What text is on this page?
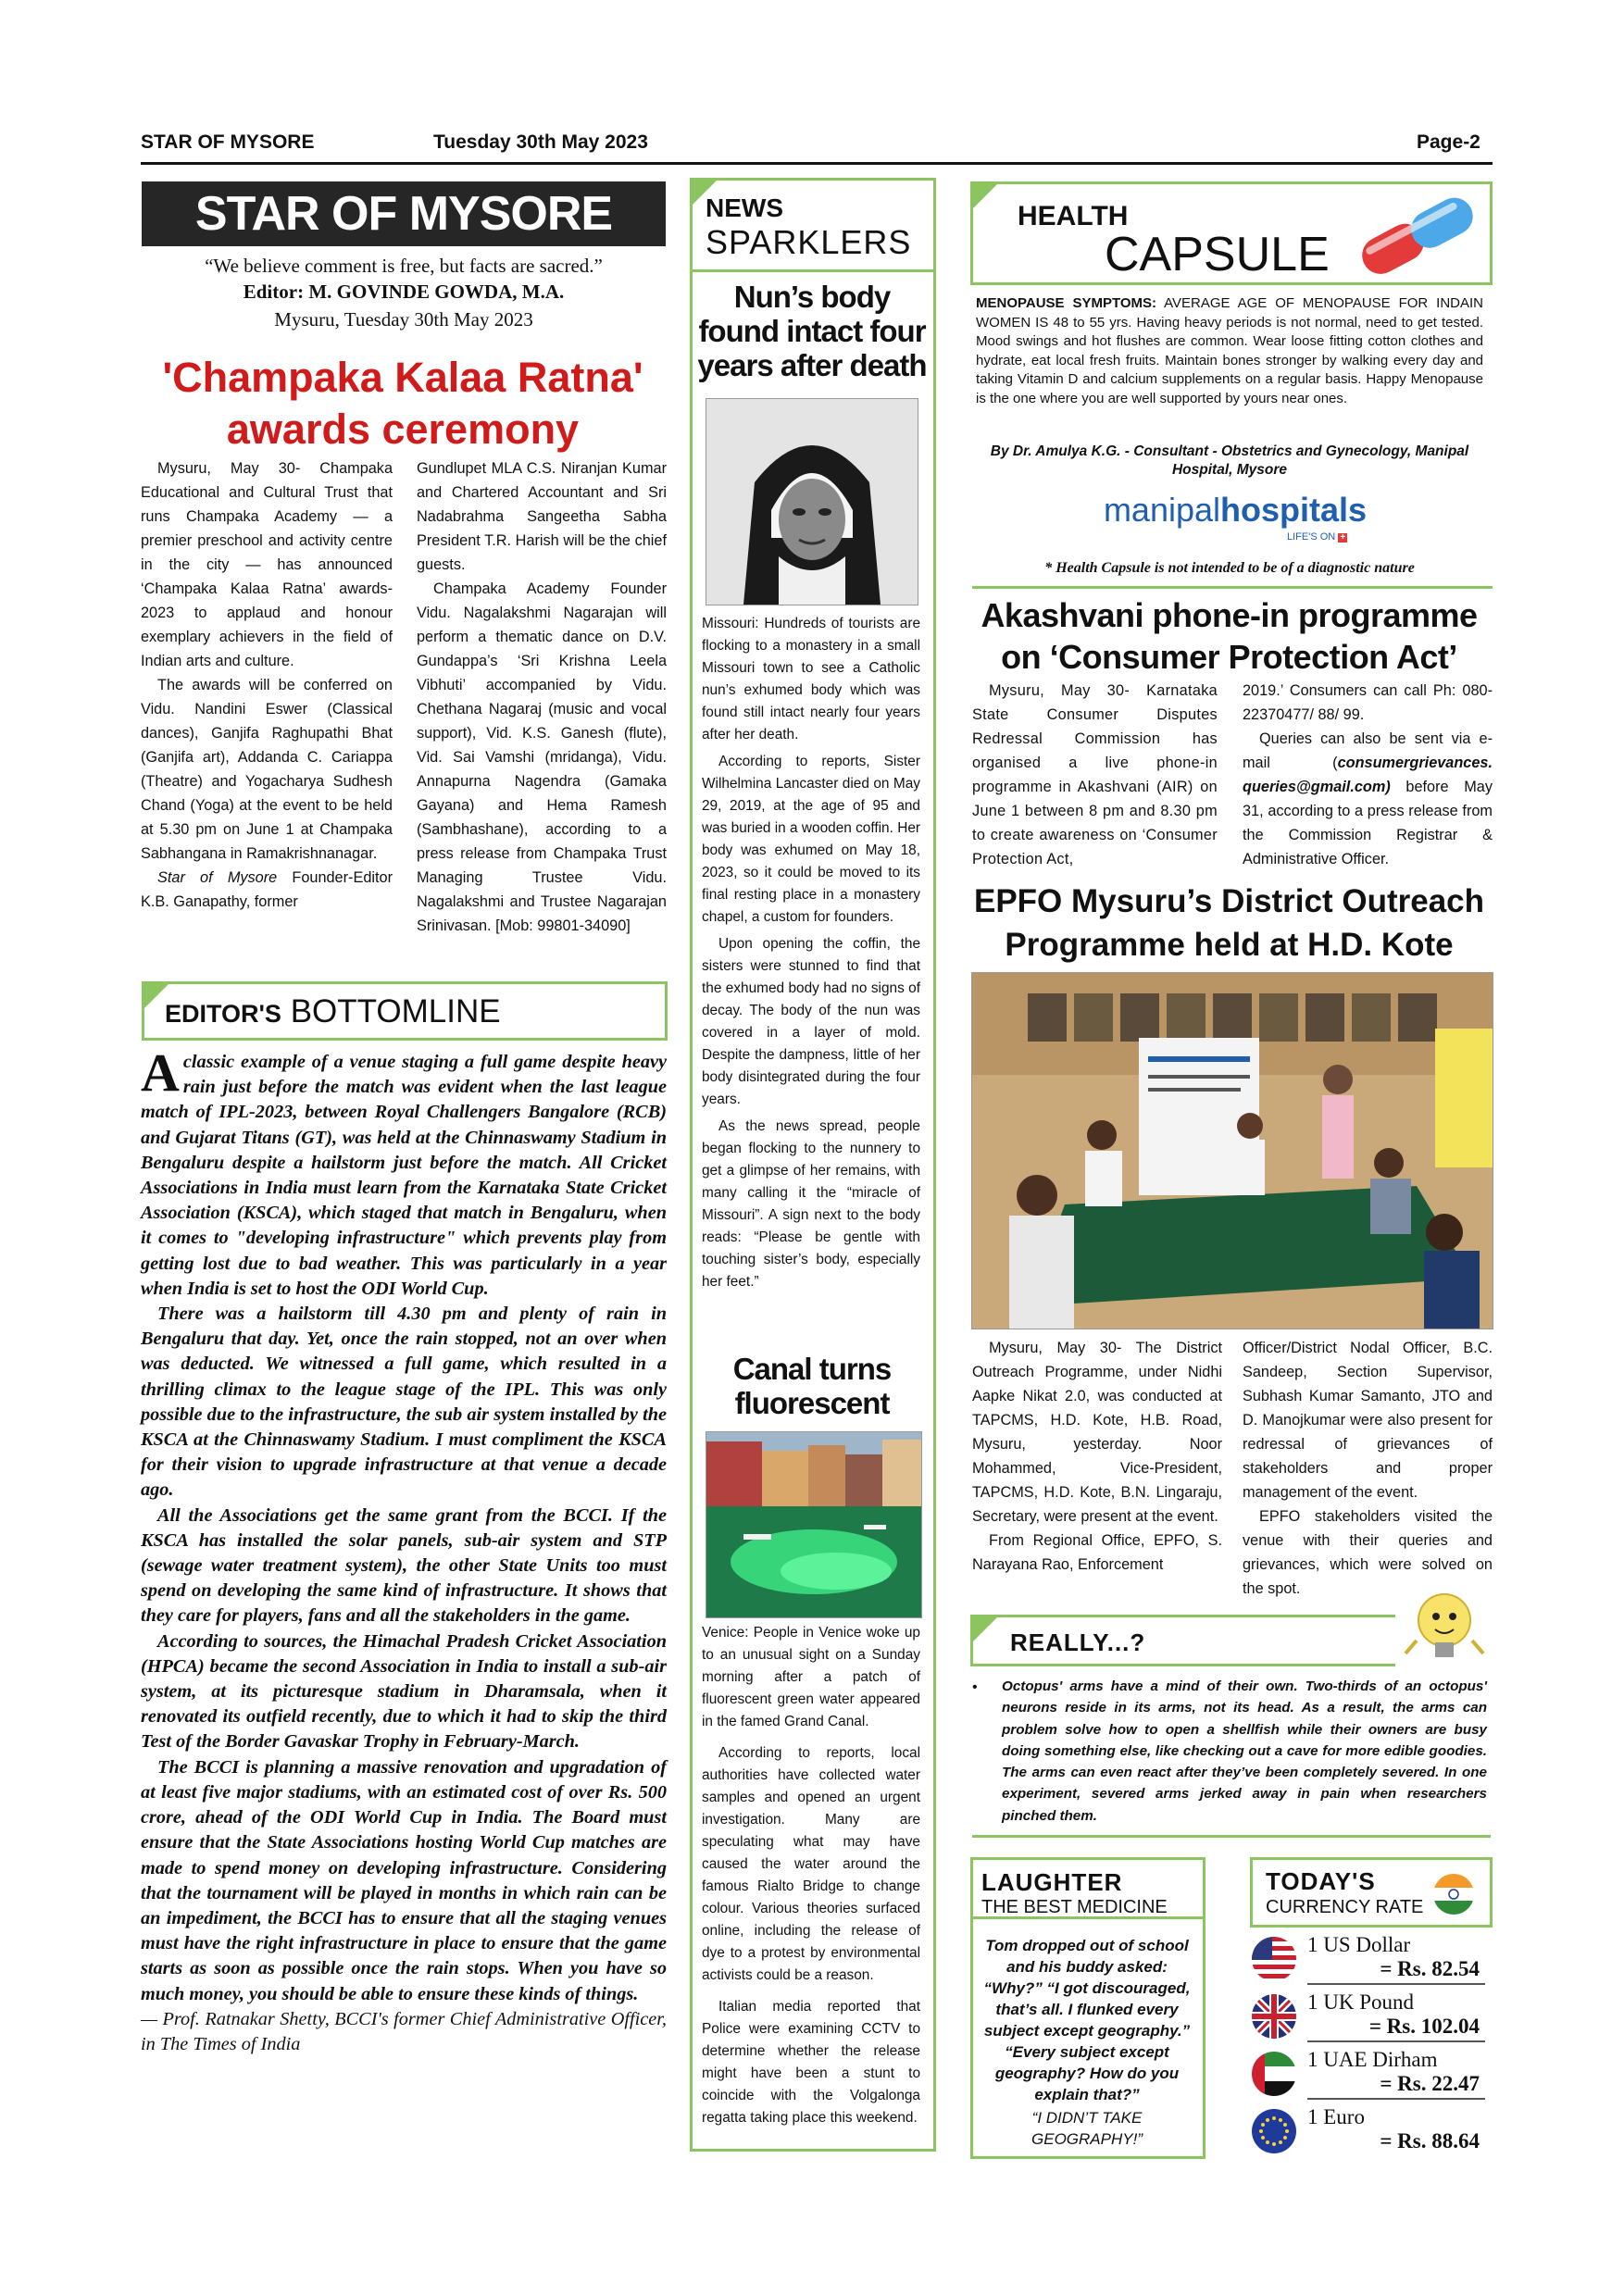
STAR OF MYSORE	Tuesday 30th May 2023	Page-2
STAR OF MYSORE
“We believe comment is free, but facts are sacred.”
Editor: M. GOVINDE GOWDA, M.A.
Mysuru, Tuesday 30th May 2023
'Champaka Kalaa Ratna'
awards ceremony

Mysuru, May 30- Champaka Educational and Cultural Trust that runs Champaka Academy — a premier preschool and activity centre in the city — has announced ‘Champaka Kalaa Ratna’ awards-2023 to applaud and honour exemplary achievers in the field of Indian arts and culture.

The awards will be conferred on Vidu. Nandini Eswer (Classical dances), Ganjifa Raghupathi Bhat (Ganjifa art), Addanda C. Cariappa (Theatre) and Yogacharya Sudhesh Chand (Yoga) at the event to be held at 5.30 pm on June 1 at Champaka Sabhangana in Ramakrishnanagar.

Star of Mysore Founder-Editor K.B. Ganapathy, former

Gundlupet MLA C.S. Niranjan Kumar and Chartered Accountant and Sri Nadabrahma Sangeetha Sabha President T.R. Harish will be the chief guests.

Champaka Academy Founder Vidu. Nagalakshmi Nagarajan will perform a thematic dance on D.V. Gundappa’s ‘Sri Krishna Leela Vibhuti’ accompanied by Vidu. Chethana Nagaraj (music and vocal support), Vid. K.S. Ganesh (flute), Vid. Sai Vamshi (mridanga), Vidu. Annapurna Nagendra (Gamaka Gayana) and Hema Ramesh (Sambhashane), according to a press release from Champaka Trust Managing Trustee Vidu. Nagalakshmi and Trustee Nagarajan Srinivasan. [Mob: 99801-34090]

EDITOR'S BOTTOMLINE

Aclassic example of a venue staging a full game despite heavy rain just before the match was evident when the last league match of IPL-2023, between Royal Challengers Bangalore (RCB) and Gujarat Titans (GT), was held at the Chinnaswamy Stadium in Bengaluru despite a hailstorm just before the match. All Cricket Associations in India must learn from the Karnataka State Cricket Association (KSCA), which staged that match in Bengaluru, when it comes to "developing infrastructure" which prevents play from getting lost due to bad weather. This was particularly in a year when India is set to host the ODI World Cup.

There was a hailstorm till 4.30 pm and plenty of rain in Bengaluru that day. Yet, once the rain stopped, not an over when was deducted. We witnessed a full game, which resulted in a thrilling climax to the league stage of the IPL. This was only possible due to the infrastructure, the sub air system installed by the KSCA at the Chinnaswamy Stadium. I must compliment the KSCA for their vision to upgrade infrastructure at that venue a decade ago.

All the Associations get the same grant from the BCCI. If the KSCA has installed the solar panels, sub-air system and STP (sewage water treatment system), the other State Units too must spend on developing the same kind of infrastructure. It shows that they care for players, fans and all the stakeholders in the game.

According to sources, the Himachal Pradesh Cricket Association (HPCA) became the second Association in India to install a sub-air system, at its picturesque stadium in Dharamsala, when it renovated its outfield recently, due to which it had to skip the third Test of the Border Gavaskar Trophy in February-March.

The BCCI is planning a massive renovation and upgradation of at least five major stadiums, with an estimated cost of over Rs. 500 crore, ahead of the ODI World Cup in India. The Board must ensure that the State Associations hosting World Cup matches are made to spend money on developing infrastructure. Considering that the tournament will be played in months in which rain can be an impediment, the BCCI has to ensure that all the staging venues must have the right infrastructure in place to ensure that the game starts as soon as possible once the rain stops. When you have so much money, you should be able to ensure these kinds of things.

— Prof. Ratnakar Shetty, BCCI's former Chief Administrative Officer, in The Times of India

NEWS
SPARKLERS
Nun’s body found intact four years after death

Missouri: Hundreds of tourists are flocking to a monastery in a small Missouri town to see a Catholic nun’s exhumed body which was found still intact nearly four years after her death.

According to reports, Sister Wilhelmina Lancaster died on May 29, 2019, at the age of 95 and was buried in a wooden coffin. Her body was exhumed on May 18, 2023, so it could be moved to its final resting place in a monastery chapel, a custom for founders.

Upon opening the coffin, the sisters were stunned to find that the exhumed body had no signs of decay. The body of the nun was covered in a layer of mold. Despite the dampness, little of her body disintegrated during the four years.

As the news spread, people began flocking to the nunnery to get a glimpse of her remains, with many calling it the “miracle of Missouri”. A sign next to the body reads: “Please be gentle with touching sister’s body, especially her feet.”

Canal turns fluorescent

Venice: People in Venice woke up to an unusual sight on a Sunday morning after a patch of fluorescent green water appeared in the famed Grand Canal.

According to reports, local authorities have collected water samples and opened an urgent investigation. Many are speculating what may have caused the water around the famous Rialto Bridge to change colour. Various theories surfaced online, including the release of dye to a protest by environmental activists could be a reason.

Italian media reported that Police were examining CCTV to determine whether the release might have been a stunt to coincide with the Volgalonga regatta taking place this weekend.

HEALTH
CAPSULE
MENOPAUSE SYMPTOMS: AVERAGE AGE OF MENOPAUSE FOR INDAIN WOMEN IS 48 to 55 yrs. Having heavy periods is not normal, need to get tested. Mood swings and hot flushes are common. Wear loose fitting cotton clothes and hydrate, eat local fresh fruits. Maintain bones stronger by walking every day and taking Vitamin D and calcium supplements on a regular basis. Happy Menopause is the one where you are well supported by yours near ones.
By Dr. Amulya K.G. - Consultant - Obstetrics and Gynecology, Manipal Hospital, Mysore
manipalhospitals
LIFE'S ON +
* Health Capsule is not intended to be of a diagnostic nature
Akashvani phone-in programme
on ‘Consumer Protection Act’

Mysuru, May 30- Karnataka State Consumer Disputes Redressal Commission has organised a live phone-in programme in Akashvani (AIR) on June 1 between 8 pm and 8.30 pm to create awareness on ‘Consumer Protection Act,

2019.’ Consumers can call Ph: 080-22370477/ 88/ 99.

Queries can also be sent via e-mail (consumergrievances. queries@gmail.com) before May 31, according to a press release from the Commission Registrar & Administrative Officer.

EPFO Mysuru’s District Outreach
Programme held at H.D. Kote

Mysuru, May 30- The District Outreach Programme, under Nidhi Aapke Nikat 2.0, was conducted at TAPCMS, H.D. Kote, H.B. Road, Mysuru, yesterday. Noor Mohammed, Vice-President, TAPCMS, H.D. Kote, B.N. Lingaraju, Secretary, were present at the event.

From Regional Office, EPFO, S. Narayana Rao, Enforcement

Officer/District Nodal Officer, B.C. Sandeep, Section Supervisor, Subhash Kumar Samanto, JTO and D. Manojkumar were also present for redressal of grievances of stakeholders and proper management of the event.

EPFO stakeholders visited the venue with their queries and grievances, which were solved on the spot.

REALLY...?
• Octopus' arms have a mind of their own. Two-thirds of an octopus' neurons reside in its arms, not its head. As a result, the arms can problem solve how to open a shellfish while their owners are busy doing something else, like checking out a cave for more edible goodies. The arms can even react after they’ve been completely severed. In one experiment, severed arms jerked away in pain when researchers pinched them.
LAUGHTER
THE BEST MEDICINE
Tom dropped out of school and his buddy asked: “Why?” “I got discouraged, that’s all. I flunked every subject except geography.” “Every subject except geography? How do you explain that?”
“I DIDN’T TAKE GEOGRAPHY!”
TODAY'S
CURRENCY RATE
1 US Dollar
= Rs. 82.54
1 UK Pound
= Rs. 102.04
1 UAE Dirham
= Rs. 22.47
1 Euro
= Rs. 88.64
